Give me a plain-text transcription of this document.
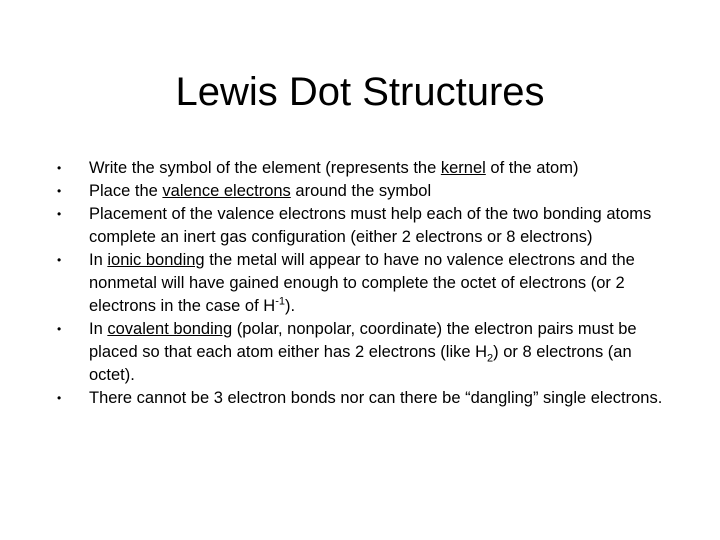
Lewis Dot Structures
• Write the symbol of the element (represents the kernel of the atom)
• Place the valence electrons around the symbol
• Placement of the valence electrons must help each of the two bonding atoms complete an inert gas configuration (either 2 electrons or 8 electrons)
• In ionic bonding the metal will appear to have no valence electrons and the nonmetal will have gained enough to complete the octet of electrons (or 2 electrons in the case of $H^{-1}$).
• In covalent bonding (polar, nonpolar, coordinate) the electron pairs must be placed so that each atom either has 2 electrons (like $H_2$) or 8 electrons (an octet).
• There cannot be 3 electron bonds nor can there be “dangling” single electrons.
